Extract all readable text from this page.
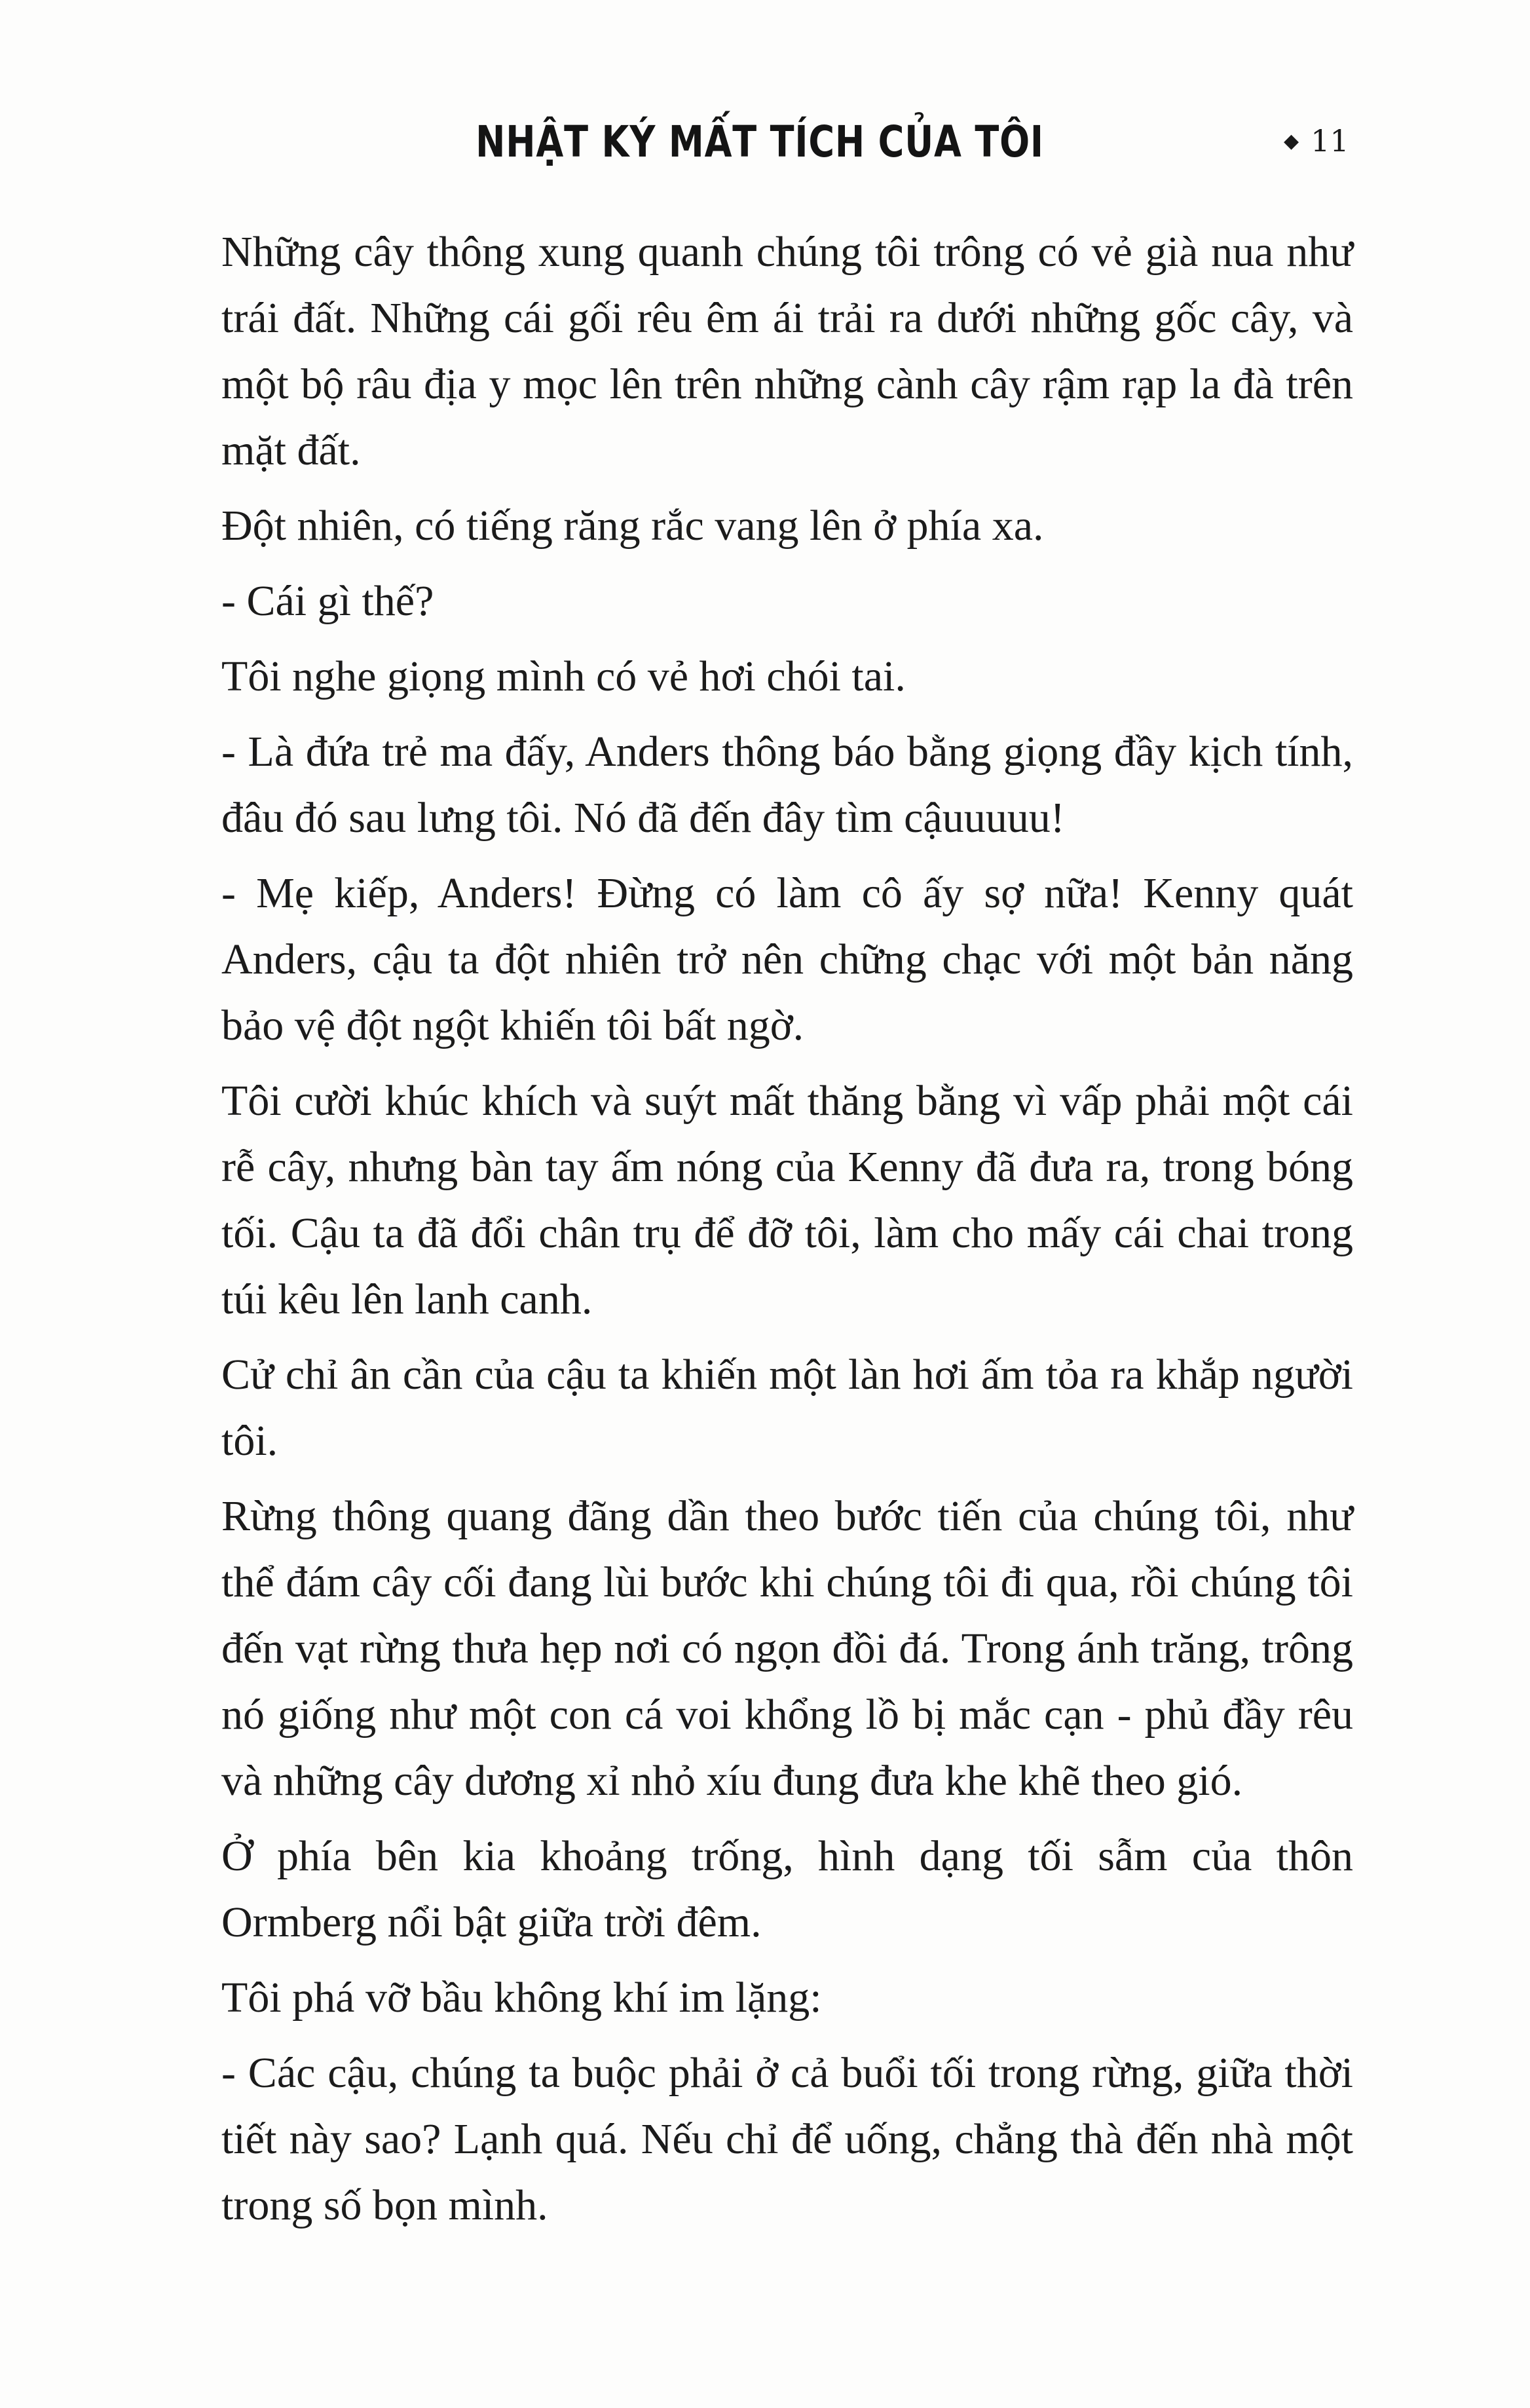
NHẬT KÝ MẤT TÍCH CỦA TÔI	◆ 11

Những cây thông xung quanh chúng tôi trông có vẻ già nua như trái đất. Những cái gối rêu êm ái trải ra dưới những gốc cây, và một bộ râu địa y mọc lên trên những cành cây rậm rạp la đà trên mặt đất.

Đột nhiên, có tiếng răng rắc vang lên ở phía xa.

- Cái gì thế?

Tôi nghe giọng mình có vẻ hơi chói tai.

- Là đứa trẻ ma đấy, Anders thông báo bằng giọng đầy kịch tính, đâu đó sau lưng tôi. Nó đã đến đây tìm cậuuuuu!

- Mẹ kiếp, Anders! Đừng có làm cô ấy sợ nữa! Kenny quát Anders, cậu ta đột nhiên trở nên chững chạc với một bản năng bảo vệ đột ngột khiến tôi bất ngờ.

Tôi cười khúc khích và suýt mất thăng bằng vì vấp phải một cái rễ cây, nhưng bàn tay ấm nóng của Kenny đã đưa ra, trong bóng tối. Cậu ta đã đổi chân trụ để đỡ tôi, làm cho mấy cái chai trong túi kêu lên lanh canh.

Cử chỉ ân cần của cậu ta khiến một làn hơi ấm tỏa ra khắp người tôi.

Rừng thông quang đãng dần theo bước tiến của chúng tôi, như thể đám cây cối đang lùi bước khi chúng tôi đi qua, rồi chúng tôi đến vạt rừng thưa hẹp nơi có ngọn đồi đá. Trong ánh trăng, trông nó giống như một con cá voi khổng lồ bị mắc cạn - phủ đầy rêu và những cây dương xỉ nhỏ xíu đung đưa khe khẽ theo gió.

Ở phía bên kia khoảng trống, hình dạng tối sẫm của thôn Ormberg nổi bật giữa trời đêm.

Tôi phá vỡ bầu không khí im lặng:

- Các cậu, chúng ta buộc phải ở cả buổi tối trong rừng, giữa thời tiết này sao? Lạnh quá. Nếu chỉ để uống, chẳng thà đến nhà một trong số bọn mình.
